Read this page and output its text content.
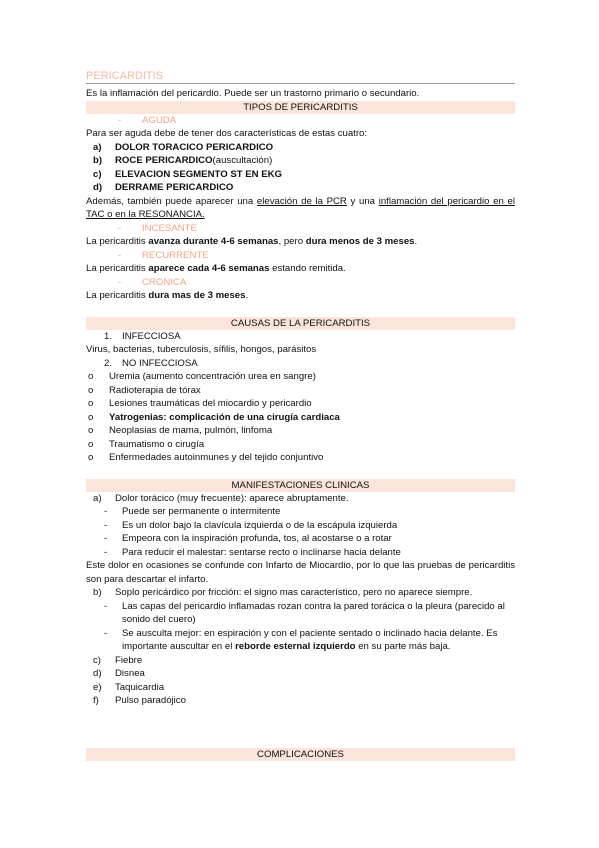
PERICARDITIS

Es la inflamación del pericardio. Puede ser un trastorno primario o secundario.

TIPOS DE PERICARDITIS
- AGUDA

Para ser aguda debe de tener dos características de estas cuatro:

a)	DOLOR TORACICO PERICARDICO
b)	ROCE PERICARDICO (auscultación)
c)	ELEVACION SEGMENTO ST EN EKG
d)	DERRAME PERICARDICO

Además, también puede aparecer una elevación de la PCR y una inflamación del pericardio en el TAC o en la RESONANCIA.

- INCESANTE

La pericarditis avanza durante 4-6 semanas, pero dura menos de 3 meses.

- RECURRENTE

La pericarditis aparece cada 4-6 semanas estando remitida.

- CRONICA

La pericarditis dura mas de 3 meses.

CAUSAS DE LA PERICARDITIS
1.	INFECCIOSA

Virus, bacterias, tuberculosis, sífilis, hongos, parásitos

2.	NO INFECCIOSA
o	Uremia (aumento concentración urea en sangre)
o	Radioterapia de tórax
o	Lesiones traumáticas del miocardio y pericardio
o	Yatrogenias: complicación de una cirugía cardiaca
o	Neoplasias de mama, pulmón, linfoma
o	Traumatismo o cirugía
o	Enfermedades autoinmunes y del tejido conjuntivo
MANIFESTACIONES CLINICAS
a)	Dolor torácico (muy frecuente): aparece abruptamente.
-	Puede ser permanente o intermitente
-	Es un dolor bajo la clavícula izquierda o de la escápula izquierda
-	Empeora con la inspiración profunda, tos, al acostarse o a rotar
-	Para reducir el malestar: sentarse recto o inclinarse hacia delante

Este dolor en ocasiones se confunde con Infarto de Miocardio, por lo que las pruebas de pericarditis son para descartar el infarto.

b)	Soplo pericárdico por fricción: el signo mas característico, pero no aparece siempre.
-	Las capas del pericardio inflamadas rozan contra la pared torácica o la pleura (parecido al sonido del cuero)
-	Se ausculta mejor: en espiración y con el paciente sentado o inclinado hacia delante. Es importante auscultar en el reborde esternal izquierdo en su parte más baja.
c)	Fiebre
d)	Disnea
e)	Taquicardia
f)	Pulso paradójico
COMPLICACIONES
